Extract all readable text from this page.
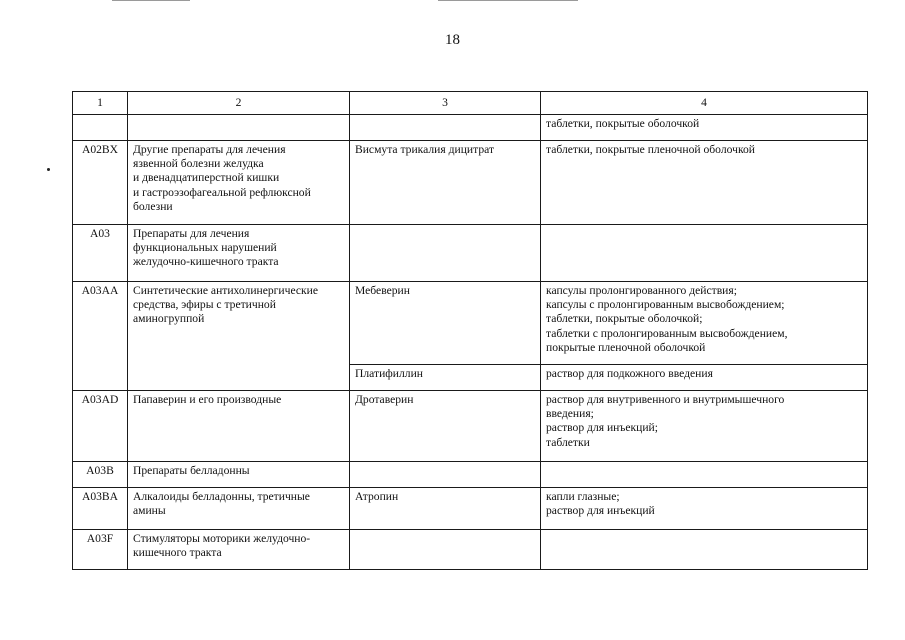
18
1	2	3	4

			таблетки, покрытые оболочкой

A02BX	Другие препараты для лечения
язвенной болезни желудка
и двенадцатиперстной кишки
и гастроэзофагеальной рефлюксной
болезни	Висмута трикалия дицитрат	таблетки, покрытые пленочной оболочкой

A03	Препараты для лечения
функциональных нарушений
желудочно-кишечного тракта		

A03AA	Синтетические антихолинергические
средства, эфиры с третичной
аминогруппой	Мебеверин	капсулы пролонгированного действия;
капсулы с пролонгированным высвобождением;
таблетки, покрытые оболочкой;
таблетки с пролонгированным высвобождением,
покрытые пленочной оболочкой

		Платифиллин	раствор для подкожного введения

A03AD	Папаверин и его производные	Дротаверин	раствор для внутривенного и внутримышечного
введения;
раствор для инъекций;
таблетки

A03B	Препараты белладонны		
A03BA	Алкалоиды белладонны, третичные
амины	Атропин	капли глазные;
раствор для инъекций

A03F	Стимуляторы моторики желудочно-
кишечного тракта		
